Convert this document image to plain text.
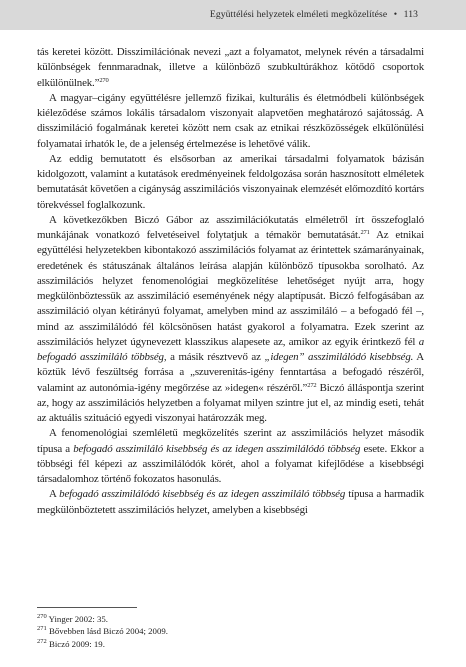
Együttélési helyzetek elméleti megközelítése • 113

tás keretei között. Disszimilációnak nevezi „azt a folyamatot, melynek révén a társadalmi különbségek fennmaradnak, illetve a különböző szubkultúrákhoz kötődő csoportok elkülönülnek.”$^{270}$

A magyar–cigány együttélésre jellemző fizikai, kulturális és életmódbeli különbségek kiélezõdése számos lokális társadalom viszonyait alapvetően meghatározó sajátosság. A disszimiláció fogalmának keretei között nem csak az etnikai részközösségek elkülönülési folyamatai írhatók le, de a jelenség értelmezése is lehetővé válik.

Az eddig bemutatott és elsősorban az amerikai társadalmi folyamatok bázisán kidolgozott, valamint a kutatások eredményeinek feldolgozása során hasznosított elméletek bemutatását követően a cigányság asszimilációs viszonyainak elemzését előmozdító kortárs törekvéssel foglalkozunk.

A következőkben Biczó Gábor az asszimilációkutatás elméletről írt összefoglaló munkájának vonatkozó felvetéseivel folytatjuk a témakör bemutatását.$^{271}$ Az etnikai együttélési helyzetekben kibontakozó asszimilációs folyamat az érintettek számarányainak, eredetének és státuszának általános leírása alapján különböző típusokba sorolható. Az asszimilációs helyzet fenomenológiai megközelítése lehetőséget nyújt arra, hogy megkülönböztessük az asszimiláció eseményének négy alaptípusát. Biczó felfogásában az asszimiláció olyan kétirányú folyamat, amelyben mind az asszimiláló – a befogadó fél –, mind az asszimilálódó fél kölcsönösen hatást gyakorol a folyamatra. Ezek szerint az asszimilációs helyzet úgynevezett klasszikus alapesete az, amikor az egyik érintkező fél a befogadó asszimiláló többség, a másik résztvevő az „idegen” asszimilálódó kisebbség. A köztük lévő feszültség forrása a „szuverenitás-igény fenntartása a befogadó részéről, valamint az autonómia-igény megőrzése az »idegen« részéről.”$^{272}$ Biczó álláspontja szerint az, hogy az asszimilációs helyzetben a folyamat milyen szintre jut el, az mindig eseti, tehát az aktuális szituáció egyedi viszonyai határozzák meg.

A fenomenológiai szemléletű megközelítés szerint az asszimilációs helyzet második típusa a befogadó asszimiláló kisebbség és az idegen asszimilálódó többség esete. Ekkor a többségi fél képezi az asszimilálódók körét, ahol a folyamat kifejlődése a kisebbségi társadalomhoz történő fokozatos hasonulás.

A befogadó asszimilálódó kisebbség és az idegen asszimiláló többség típusa a harmadik megkülönböztetett asszimilációs helyzet, amelyben a kisebbségi

$^{270}$ Yinger 2002: 35.
$^{271}$ Bővebben lásd Biczó 2004; 2009.
$^{272}$ Biczó 2009: 19.
